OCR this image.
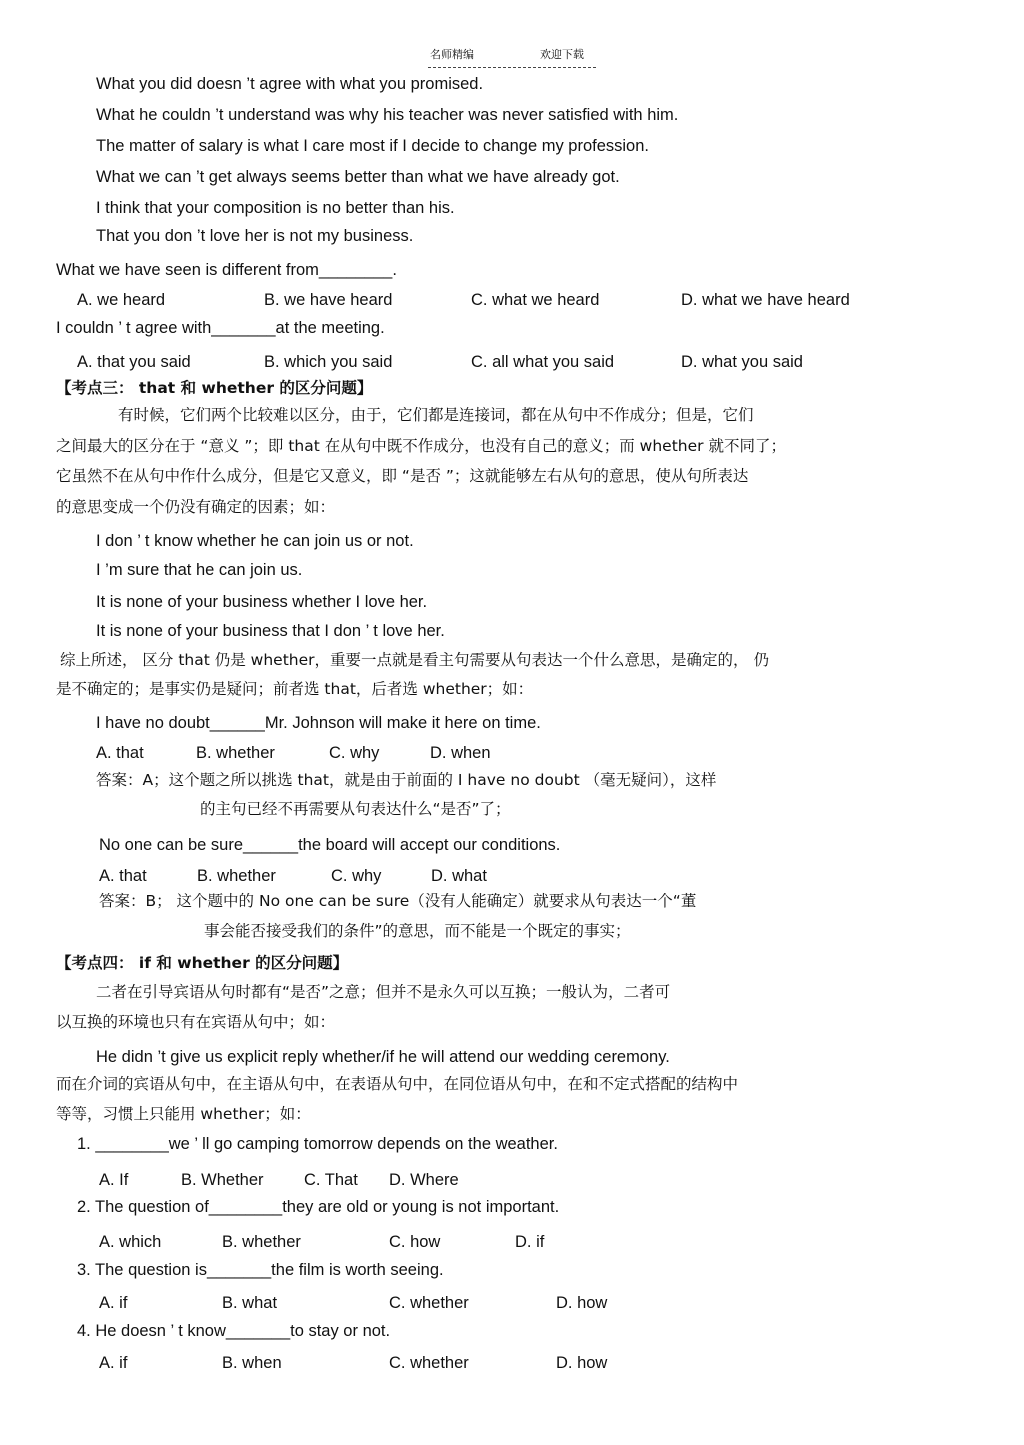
名师精编	欢迎下载
What you did doesn ’t agree with what you promised.
What he couldn ’t understand was why his teacher was never satisfied with him.
The matter of salary is what I care most if I decide to change my profession.
What we can ’t get always seems better than what we have already got.
I think that your composition is no better than his.
That you don ’t love her is not my business.
What we have seen is different from________.
A. we heard	B. we have heard	C. what we heard	D. what we have heard
I couldn ’ t agree with_______at the meeting.
A. that you said	B. which you said	C. all what you said	D. what you said
【考点三： that 和 whether 的区分问题】
有时候，它们两个比较难以区分，由于，它们都是连接词，都在从句中不作成分；但是，它们
之间最大的区分在于 “意义 ”；即 that 在从句中既不作成分，也没有自己的意义；而 whether 就不同了；
它虽然不在从句中作什么成分，但是它又意义，即 “是否 ”；这就能够左右从句的意思，使从句所表达
的意思变成一个仍没有确定的因素；如：
I don ’ t know whether he can join us or not.
I ’m sure that he can join us.
It is none of your business whether I love her.
It is none of your business that I don ’ t love her.
综上所述， 区分 that 仍是 whether，重要一点就是看主句需要从句表达一个什么意思，是确定的， 仍
是不确定的；是事实仍是疑问；前者选 that，后者选 whether；如：
I have no doubt______Mr. Johnson will make it here on time.
A. that	B. whether	C. why	D. when
答案：A；这个题之所以挑选 that，就是由于前面的 I have no doubt （毫无疑问），这样
的主句已经不再需要从句表达什么“是否”了；
No one can be sure______the board will accept our conditions.
A. that	B. whether	C. why	D. what
答案：B； 这个题中的 No one can be sure（没有人能确定）就要求从句表达一个“董
事会能否接受我们的条件”的意思，而不能是一个既定的事实；
【考点四： if 和 whether 的区分问题】
二者在引导宾语从句时都有“是否”之意；但并不是永久可以互换；一般认为，二者可
以互换的环境也只有在宾语从句中；如：
He didn ’t give us explicit reply whether/if he will attend our wedding ceremony.
而在介词的宾语从句中，在主语从句中，在表语从句中，在同位语从句中，在和不定式搭配的结构中
等等，习惯上只能用 whether；如：
1. ________we ’ ll go camping tomorrow depends on the weather.
A. If	B. Whether C. That D. Where
2. The question of________they are old or young is not important.
A. which	B. whether	C. how	D. if
3. The question is_______the film is worth seeing.
A. if	B. what	C. whether	D. how
4. He doesn ’ t know_______to stay or not.
A. if	B. when	C. whether	D. how
